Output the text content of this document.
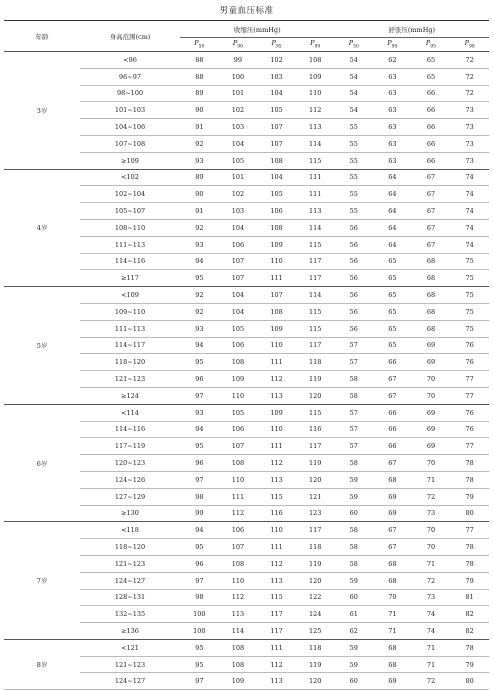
男童血压标准
年龄	身高范围(cm)	收缩压(mmHg)				舒张压(mmHg)			
		$P_{50}$	$P_{90}$	$P_{95}$	$P_{99}$	$P_{50}$	$P_{90}$	$P_{95}$	$P_{99}$
3岁	<96	88	99	102	108	54	62	65	72
	96~97	88	100	103	109	54	63	65	72
	98~100	89	101	104	110	54	63	66	72
	101~103	90	102	105	112	54	63	66	73
	104~106	91	103	107	113	55	63	66	73
	107~108	92	104	107	114	55	63	66	73
	≥109	93	105	108	115	55	63	66	73
4岁	<102	89	101	104	111	55	64	67	74
	102~104	90	102	105	111	55	64	67	74
	105~107	91	103	106	113	55	64	67	74
	108~110	92	104	108	114	56	64	67	74
	111~113	93	106	109	115	56	64	67	74
	114~116	94	107	110	117	56	65	68	75
	≥117	95	107	111	117	56	65	68	75
5岁	<109	92	104	107	114	56	65	68	75
	109~110	92	104	108	115	56	65	68	75
	111~113	93	105	109	115	56	65	68	75
	114~117	94	106	110	117	57	65	69	76
	118~120	95	108	111	118	57	66	69	76
	121~123	96	109	112	119	58	67	70	77
	≥124	97	110	113	120	58	67	70	77
6岁	<114	93	105	109	115	57	66	69	76
	114~116	94	106	110	116	57	66	69	76
	117~119	95	107	111	117	57	66	69	77
	120~123	96	108	112	119	58	67	70	78
	124~126	97	110	113	120	59	68	71	78
	127~129	98	111	115	121	59	69	72	79
	≥130	99	112	116	123	60	69	73	80
7岁	<118	94	106	110	117	58	67	70	77
	118~120	95	107	111	118	58	67	70	78
	121~123	96	108	112	119	58	68	71	78
	124~127	97	110	113	120	59	68	72	79
	128~131	98	112	115	122	60	70	73	81
	132~135	100	113	117	124	61	71	74	82
	≥136	100	114	117	125	62	71	74	82
8岁	<121	95	108	111	118	59	68	71	78
	121~123	95	108	112	119	59	68	71	79
	124~127	97	109	113	120	60	69	72	80
